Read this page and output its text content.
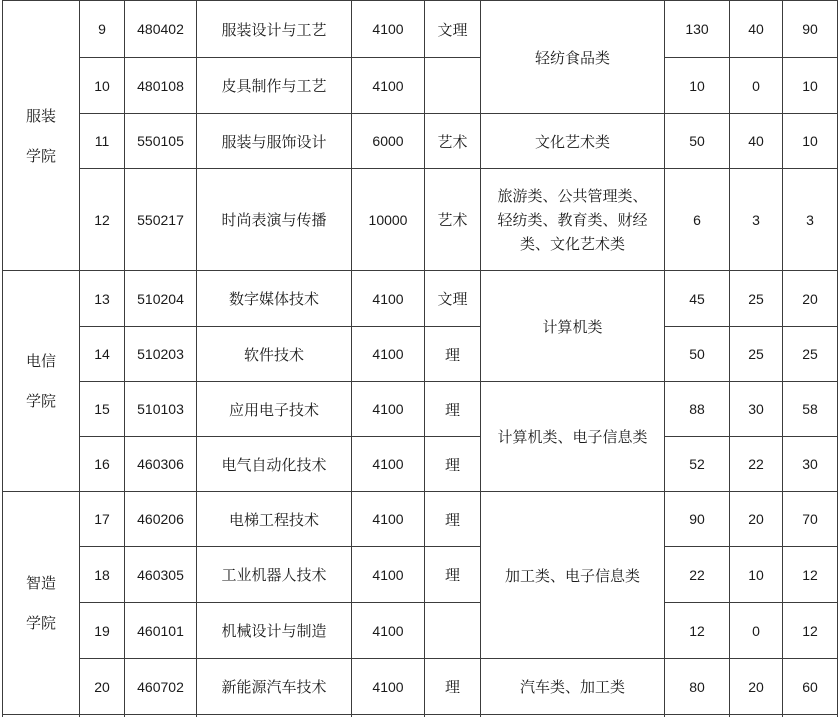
服装
学院	9	480402	服装设计与工艺	4100	文理	轻纺食品类	130	40	90
	10	480108	皮具制作与工艺	4100			10	0	10
	11	550105	服装与服饰设计	6000	艺术	文化艺术类	50	40	10
	12	550217	时尚表演与传播	10000	艺术	旅游类、公共管理类、
轻纺类、教育类、财经
类、文化艺术类	6	3	3
电信
学院	13	510204	数字媒体技术	4100	文理	计算机类	45	25	20
	14	510203	软件技术	4100	理		50	25	25
	15	510103	应用电子技术	4100	理	计算机类、电子信息类	88	30	58
	16	460306	电气自动化技术	4100	理		52	22	30
智造
学院	17	460206	电梯工程技术	4100	理	加工类、电子信息类	90	20	70
	18	460305	工业机器人技术	4100	理		22	10	12
	19	460101	机械设计与制造	4100			12	0	12
	20	460702	新能源汽车技术	4100	理	汽车类、加工类	80	20	60
